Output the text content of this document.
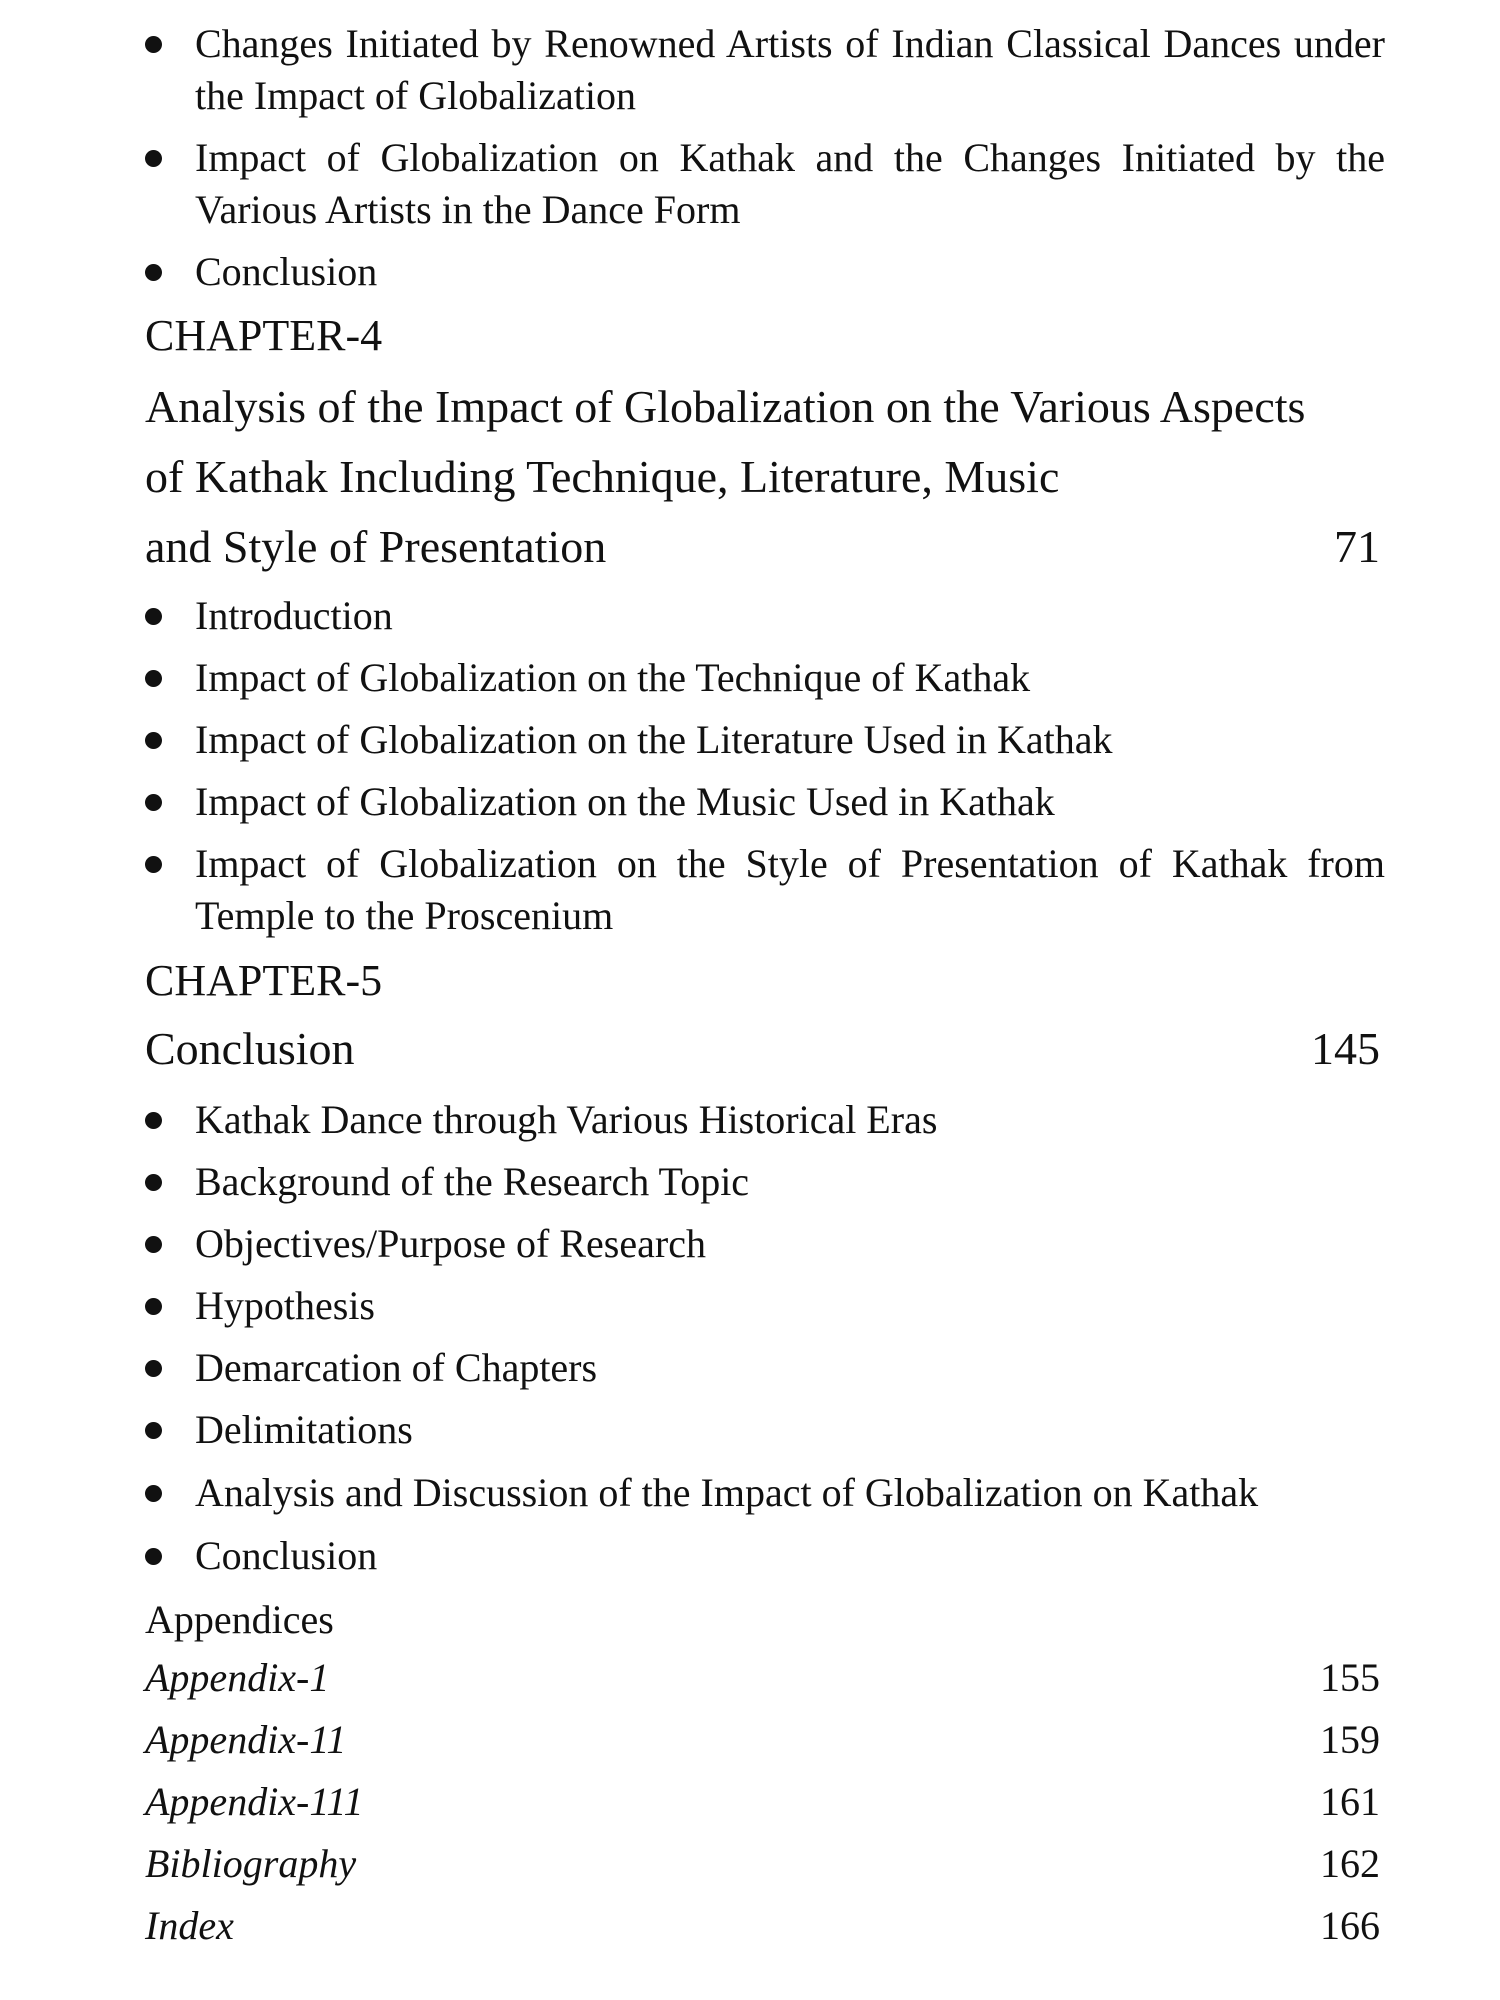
Changes Initiated by Renowned Artists of Indian Classical Dances under the Impact of Globalization
Impact of Globalization on Kathak and the Changes Initiated by the Various Artists in the Dance Form
Conclusion
CHAPTER-4
Analysis of the Impact of Globalization on the Various Aspects
of Kathak Including Technique, Literature, Music
and Style of Presentation	71
Introduction
Impact of Globalization on the Technique of Kathak
Impact of Globalization on the Literature Used in Kathak
Impact of Globalization on the Music Used in Kathak
Impact of Globalization on the Style of Presentation of Kathak from Temple to the Proscenium
CHAPTER-5
Conclusion	145
Kathak Dance through Various Historical Eras
Background of the Research Topic
Objectives/Purpose of Research
Hypothesis
Demarcation of Chapters
Delimitations
Analysis and Discussion of the Impact of Globalization on Kathak
Conclusion
Appendices
Appendix-1	155
Appendix-11	159
Appendix-111	161
Bibliography	162
Index	166
